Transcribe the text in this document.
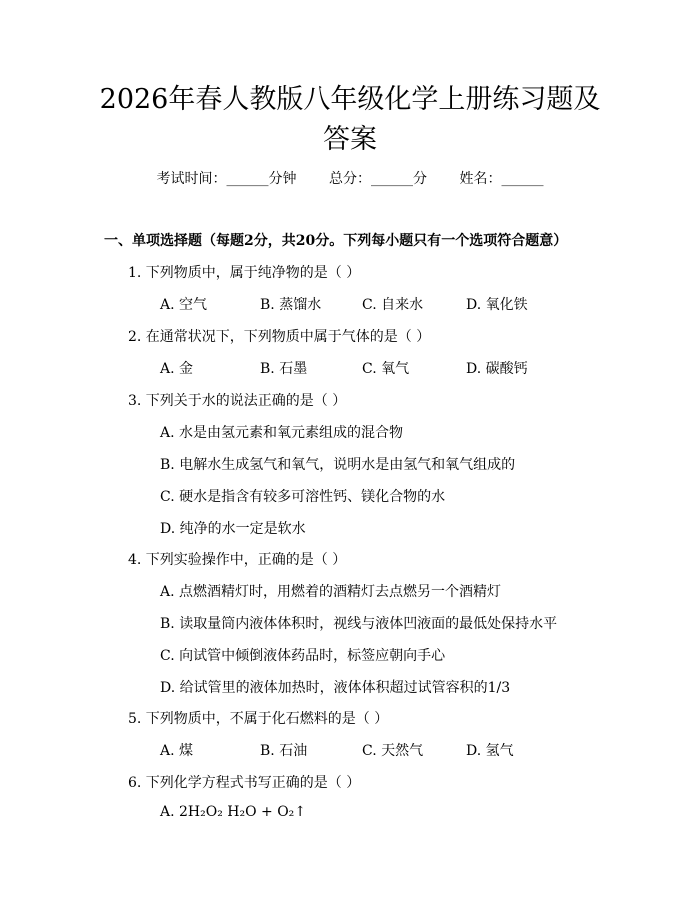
2026年春人教版八年级化学上册练习题及答案
考试时间：______分钟 总分：______分 姓名：______
一、单项选择题（每题2分，共20分。下列每小题只有一个选项符合题意）
1. 下列物质中，属于纯净物的是（ ）
A. 空气	B. 蒸馏水	C. 自来水	D. 氧化铁
2. 在通常状况下，下列物质中属于气体的是（ ）
A. 金	B. 石墨	C. 氧气	D. 碳酸钙
3. 下列关于水的说法正确的是（ ）
A. 水是由氢元素和氧元素组成的混合物
B. 电解水生成氢气和氧气，说明水是由氢气和氧气组成的
C. 硬水是指含有较多可溶性钙、镁化合物的水
D. 纯净的水一定是软水
4. 下列实验操作中，正确的是（ ）
A. 点燃酒精灯时，用燃着的酒精灯去点燃另一个酒精灯
B. 读取量筒内液体体积时，视线与液体凹液面的最低处保持水平
C. 向试管中倾倒液体药品时，标签应朝向手心
D. 给试管里的液体加热时，液体体积超过试管容积的1/3
5. 下列物质中，不属于化石燃料的是（ ）
A. 煤	B. 石油	C. 天然气	D. 氢气
6. 下列化学方程式书写正确的是（ ）
A. 2H₂O₂ H₂O + O₂↑
